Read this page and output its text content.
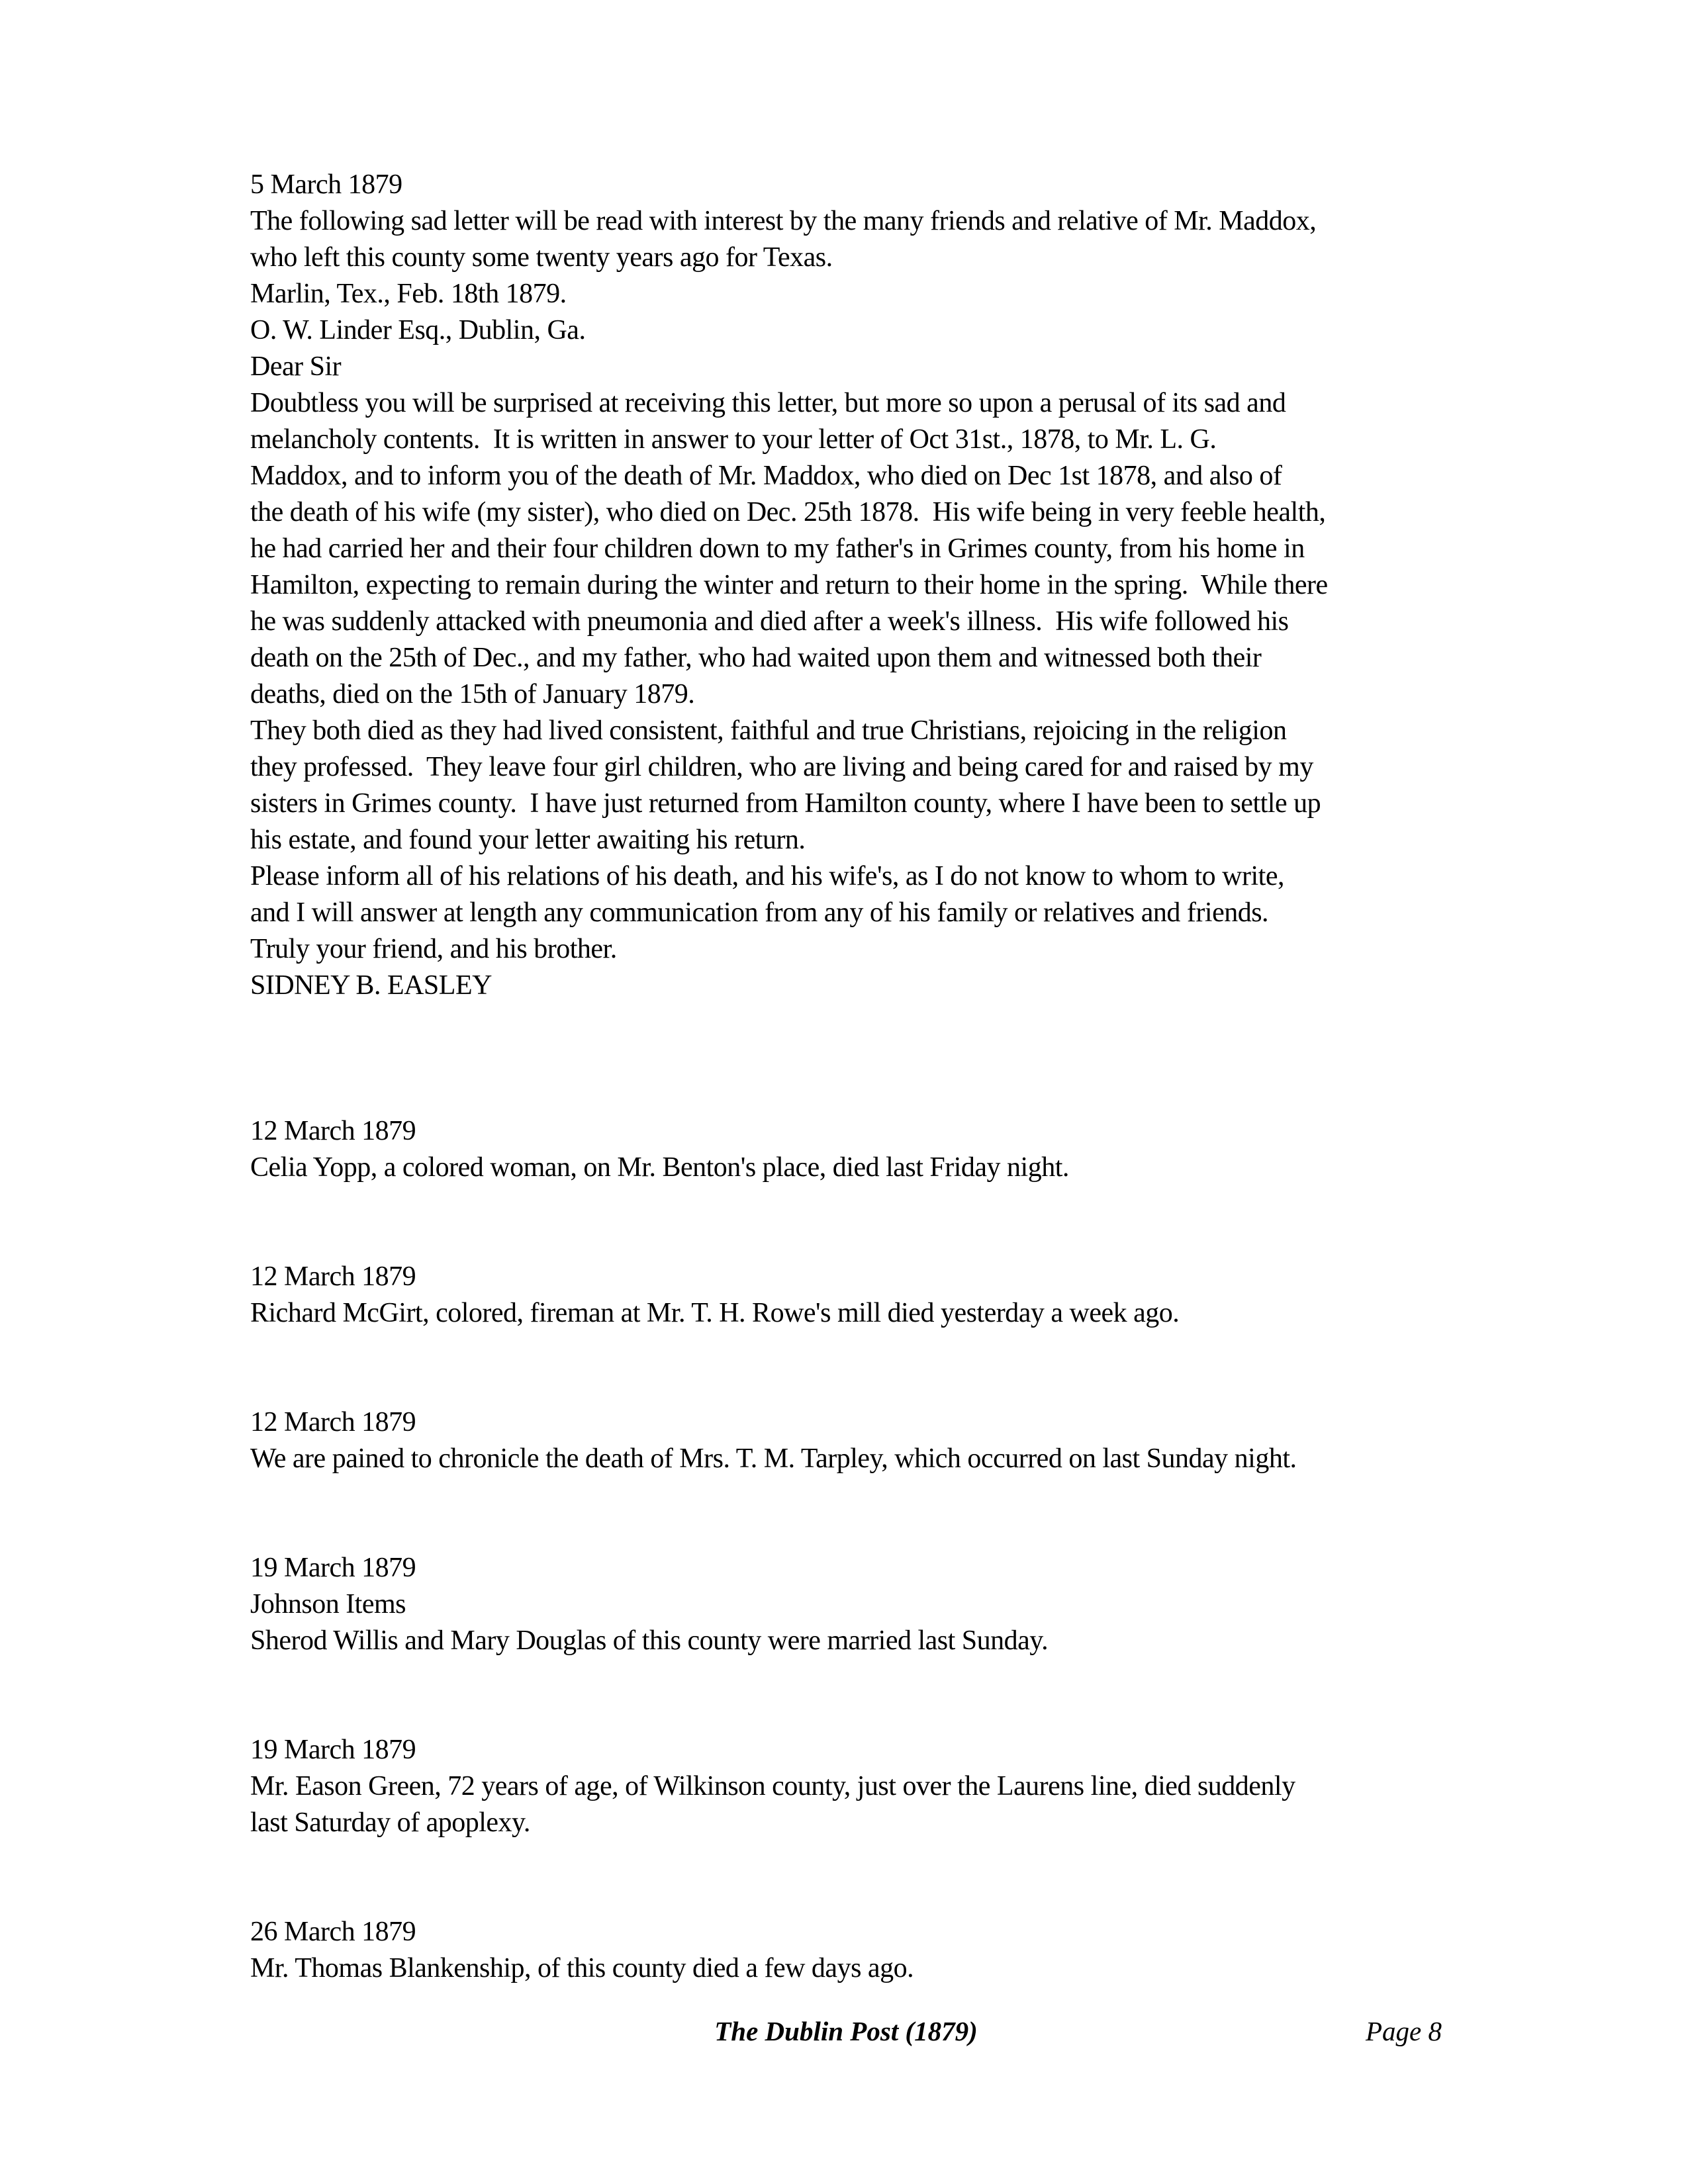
5 March 1879
The following sad letter will be read with interest by the many friends and relative of Mr. Maddox,
who left this county some twenty years ago for Texas.
Marlin, Tex., Feb. 18th 1879.
O. W. Linder Esq., Dublin, Ga.
Dear Sir
Doubtless you will be surprised at receiving this letter, but more so upon a perusal of its sad and
melancholy contents.  It is written in answer to your letter of Oct 31st., 1878, to Mr. L. G.
Maddox, and to inform you of the death of Mr. Maddox, who died on Dec 1st 1878, and also of
the death of his wife (my sister), who died on Dec. 25th 1878.  His wife being in very feeble health,
he had carried her and their four children down to my father's in Grimes county, from his home in
Hamilton, expecting to remain during the winter and return to their home in the spring.  While there
he was suddenly attacked with pneumonia and died after a week's illness.  His wife followed his
death on the 25th of Dec., and my father, who had waited upon them and witnessed both their
deaths, died on the 15th of January 1879.
They both died as they had lived consistent, faithful and true Christians, rejoicing in the religion
they professed.  They leave four girl children, who are living and being cared for and raised by my
sisters in Grimes county.  I have just returned from Hamilton county, where I have been to settle up
his estate, and found your letter awaiting his return.
Please inform all of his relations of his death, and his wife's, as I do not know to whom to write,
and I will answer at length any communication from any of his family or relatives and friends.
Truly your friend, and his brother.
SIDNEY B. EASLEY
12 March 1879
Celia Yopp, a colored woman, on Mr. Benton's place, died last Friday night.
12 March 1879
Richard McGirt, colored, fireman at Mr. T. H. Rowe's mill died yesterday a week ago.
12 March 1879
We are pained to chronicle the death of Mrs. T. M. Tarpley, which occurred on last Sunday night.
19 March 1879
Johnson Items
Sherod Willis and Mary Douglas of this county were married last Sunday.
19 March 1879
Mr. Eason Green, 72 years of age, of Wilkinson county, just over the Laurens line, died suddenly
last Saturday of apoplexy.
26 March 1879
Mr. Thomas Blankenship, of this county died a few days ago.
The Dublin Post (1879)	Page 8
